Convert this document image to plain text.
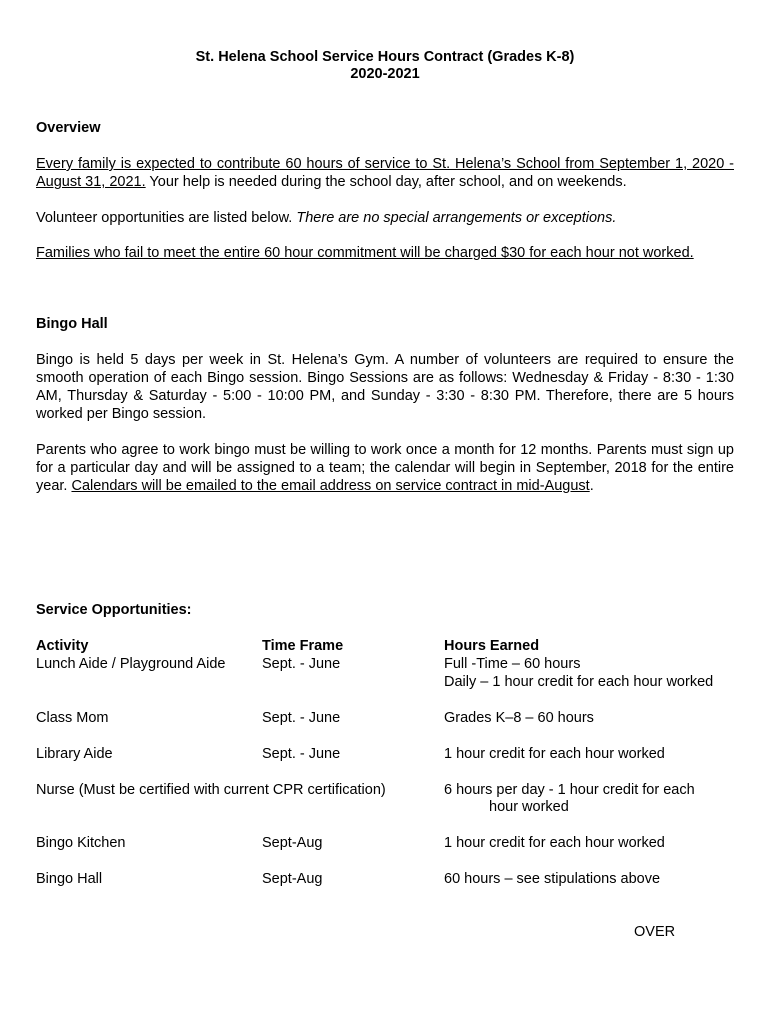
St. Helena School Service Hours Contract (Grades K-8)
2020-2021
Overview
Every family is expected to contribute 60 hours of service to St. Helena’s School from September 1, 2020 - August 31, 2021. Your help is needed during the school day, after school, and on weekends.
Volunteer opportunities are listed below. There are no special arrangements or exceptions.
Families who fail to meet the entire 60 hour commitment will be charged $30 for each hour not worked.
Bingo Hall
Bingo is held 5 days per week in St. Helena’s Gym. A number of volunteers are required to ensure the smooth operation of each Bingo session. Bingo Sessions are as follows: Wednesday & Friday - 8:30 - 1:30 AM, Thursday & Saturday - 5:00 - 10:00 PM, and Sunday - 3:30 - 8:30 PM. Therefore, there are 5 hours worked per Bingo session.
Parents who agree to work bingo must be willing to work once a month for 12 months. Parents must sign up for a particular day and will be assigned to a team; the calendar will begin in September, 2018 for the entire year. Calendars will be emailed to the email address on service contract in mid-August.
Service Opportunities:
Activity	Time Frame	Hours Earned
Lunch Aide / Playground Aide	Sept. - June	Full -Time – 60 hours
Daily – 1 hour credit for each hour worked
Class Mom	Sept. - June	Grades K–8 – 60 hours
Library Aide	Sept. - June	1 hour credit for each hour worked
Nurse (Must be certified with current CPR certification)	6 hours per day - 1 hour credit for each
hour worked
Bingo Kitchen	Sept-Aug	1 hour credit for each hour worked
Bingo Hall	Sept-Aug	60 hours – see stipulations above
OVER
